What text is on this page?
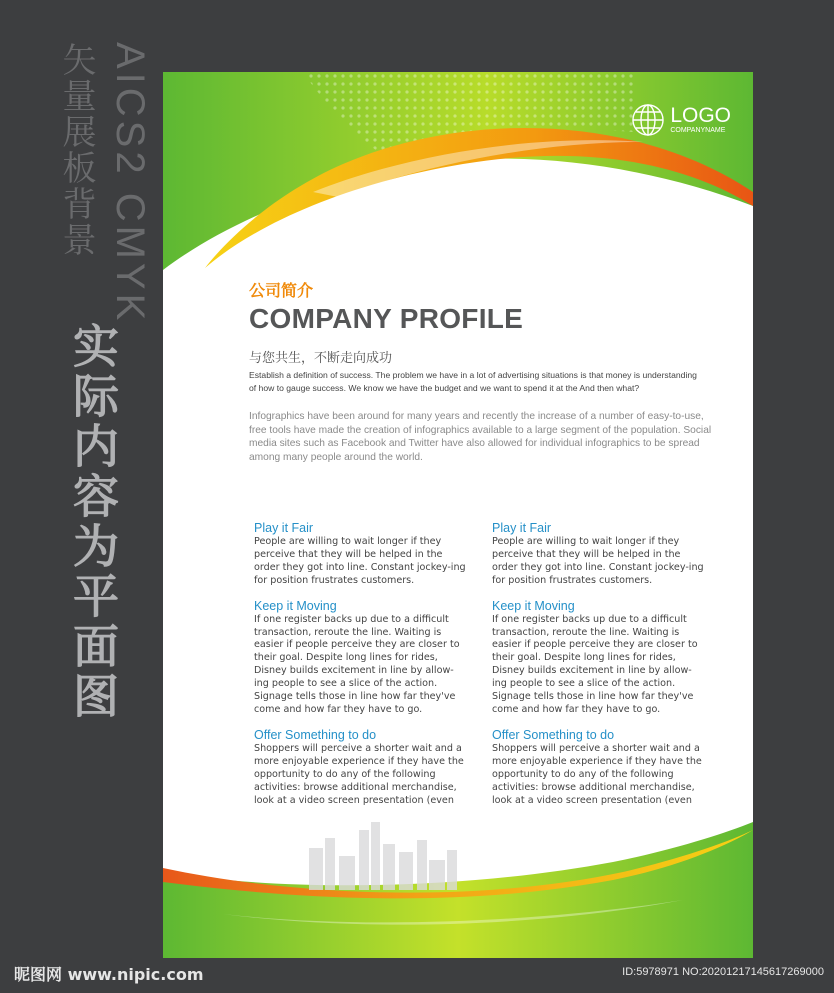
AICS2 CMYK
矢量展板背景
实际内容为平面图
LOGO
COMPANYNAME
公司简介
COMPANY PROFILE
与您共生，不断走向成功
Establish a definition of success. The problem we have in a lot of advertising situations is that money is understanding of how to gauge success. We know we have the budget and we want to spend it at the And then what?
Infographics have been around for many years and recently the increase of a number of easy-to-use, free tools have made the creation of infographics available to a large segment of the population. Social media sites such as Facebook and Twitter have also allowed for individual infographics to be spread among many people around the world.
Play it Fair
People are willing to wait longer if they perceive that they will be helped in the order they got into line. Constant jockey-ing for position frustrates customers.
Keep it Moving
If one register backs up due to a difficult transaction, reroute the line. Waiting is easier if people perceive they are closer to their goal. Despite long lines for rides, Disney builds excitement in line by allow-ing people to see a slice of the action. Signage tells those in line how far they've come and how far they have to go.
Offer Something to do
Shoppers will perceive a shorter wait and a more enjoyable experience if they have the opportunity to do any of the following activities: browse additional merchandise, look at a video screen presentation (even
Play it Fair
People are willing to wait longer if they perceive that they will be helped in the order they got into line. Constant jockey-ing for position frustrates customers.
Keep it Moving
If one register backs up due to a difficult transaction, reroute the line. Waiting is easier if people perceive they are closer to their goal. Despite long lines for rides, Disney builds excitement in line by allow-ing people to see a slice of the action. Signage tells those in line how far they've come and how far they have to go.
Offer Something to do
Shoppers will perceive a shorter wait and a more enjoyable experience if they have the opportunity to do any of the following activities: browse additional merchandise, look at a video screen presentation (even
昵图网 www.nipic.com	ID:5978971 NO:20201217145617269000
